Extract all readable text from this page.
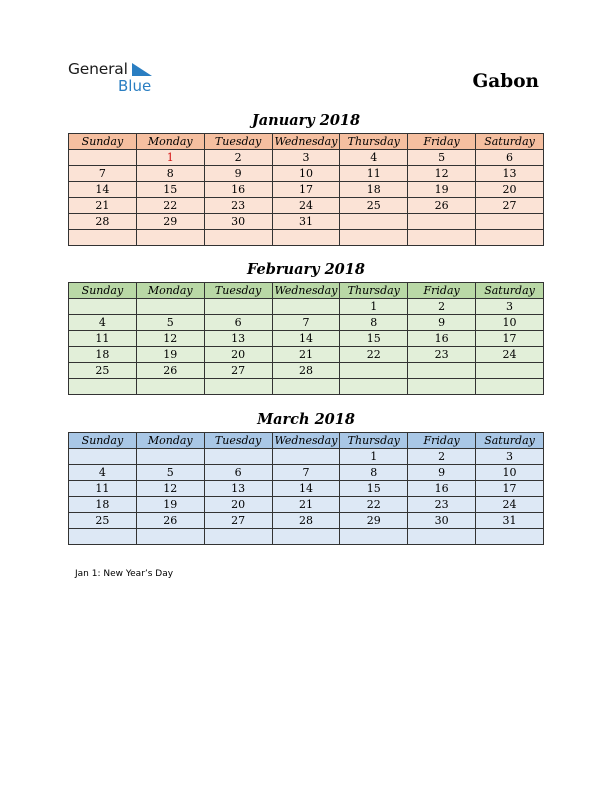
General
Blue	Gabon
January 2018
Sunday	Monday	Tuesday	Wednesday	Thursday	Friday	Saturday
	1	2	3	4	5	6
7	8	9	10	11	12	13
14	15	16	17	18	19	20
21	22	23	24	25	26	27
28	29	30	31			

February 2018
Sunday	Monday	Tuesday	Wednesday	Thursday	Friday	Saturday
				1	2	3
4	5	6	7	8	9	10
11	12	13	14	15	16	17
18	19	20	21	22	23	24
25	26	27	28			

March 2018
Sunday	Monday	Tuesday	Wednesday	Thursday	Friday	Saturday
				1	2	3
4	5	6	7	8	9	10
11	12	13	14	15	16	17
18	19	20	21	22	23	24
25	26	27	28	29	30	31

Jan 1: New Year’s Day
